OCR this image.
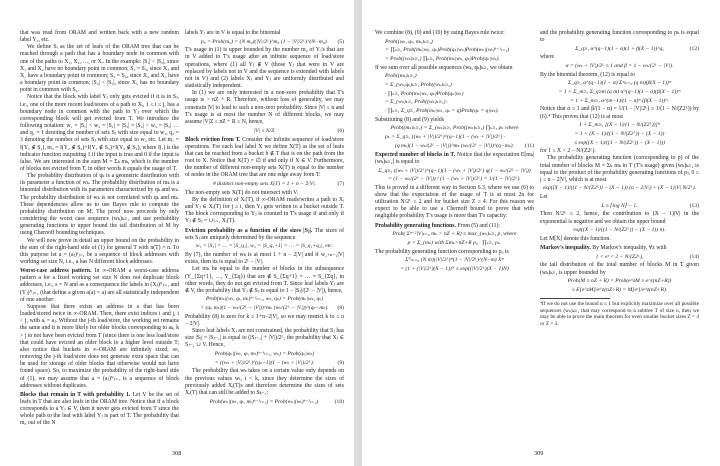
that was read from ORAM and written back with a new random label Y₂, etc.

We define Sᵢ as the set of leafs of the ORAM tree that can be reached through a path that has a boundary node in common with one of the paths to X₁, X₂, …, or Xᵢ. In the example: |S₁| < |S₂|, since X₁ and X₂ have no boundary point in common; S₂ = S₃, since X₃ and X₁ have a boundary point in common; S₃ = S₄, since X₄ and X₃ have a boundary point in common; |S₄| < |S₅|, since X₅ has no boundary point in common with S₄.

Notice that the block with label Yⱼ only gets evicted if it is in Sⱼ, i.e., one of the more recent load/stores of a path to Xᵢ, 1 ≤ i ≤ j, has a boundary node in common with the path to Yⱼ over which the corresponding block will get evicted from T. We introduce the following notation: w₁ = |S₁| < w₂ = |S₂| = |S₃| = |S₄| < w₃ = |S₅| … and q₁ = 1 denoting the number of sets Sⱼ with size equal to w₁, q₂ = 3 denoting the number of sets Sⱼ with size equal to w₂ etc. Let m₁ = I(Y₁ ∉ S₁), m₂ = I(Y₂ ∉ S₂)+I(Y₃ ∉ S₃)+I(Y₄ ∉ S₄), where I(.) is the indicator function outputting 1 if the input is true and 0 if the input is false. We are interested in the sum M = Σₖ mₖ, which is the number of blocks not evicted from T, in other words it equals the usage of T.

The probability distribution of qₖ is a geometric distribution with its parameter a function of wₖ. The probability distribution of mₖ is a binomial distribution with its parameters characterized by qₖ and wₖ. The probability distribution of wₖ is not correlated with qₖ and mₖ. These dependencies allow us to use Bayes rule to compute the probability distribution on M. The proof now proceeds by only considering the worst case sequence (wₖ)ₖ≥₁ and use probability generating functions to upper bound the tail distribution of M by using Chernoff bounding techniques.

We will now prove in detail an upper bound on the probability in the sum of the right-hand side of (1) for general T with n(T) = n. To this purpose let a = (aⱼ)ˢⱼ₌₁ be a sequence of block addresses with working set size N, i.e., a has N different block addresses.

Worst-case address pattern. In ∞-ORAM a worst-case address pattern a for a fixed working set size N does not duplicate block addresses, i.e., s = N and as a consequence the labels in (Xⱼ)ᴺⱼ₌₁ and (Yⱼ)ᴺⱼ₌₁ (that define a given a(a) = a) are all statistically independent of one another:

Suppose that there exists an address in a that has been loaded/stored twice in ∞-ORAM. Then, there exist indices i and j, i < j, with aᵢ = aⱼ. Without the j-th load/store, the working set remains the same and it is more likely for older blocks corresponding to aₖ, k > j to not have been evicted from T (since there is one less load/store that could have evicted an older block to a higher level outside T; also notice that buckets in ∞-ORAM are infinitely sized, so, removing the j-th load/store does not generate extra space that can be used for storage of older blocks that otherwise would not have found space). So, to maximize the probability of the right-hand side of (1), we may assume that a = (aⱼ)ᴺⱼ₌₁ is a sequence of block addresses without duplicates.

Blocks that remain in T with probability 1. Let V be the set of leafs in T that are also leafs in the ORAM tree. Notice that if a block corresponds to a Yⱼ ∈ V, then it never gets evicted from T since the whole path to the leaf with label Yⱼ is part of T. The probability that m₀ out of the N

labels Yⱼ are in V is equal to the binomial

p₀ = Prob(m₀) = (N m₀)(|V|/2ᴸ)^m₀ (1 − |V|/2ᴸ)^(N−m₀). (5)

T's usage in (1) is upper bounded by the number m₀ of Yⱼ's that are in V added to T's usage after an infinite sequence of load/store operations, where (1) all Yⱼ ∉ V (those Yⱼ that were in V are replaced by labels not in V and the sequence is extended with labels not in V) and (2) labels Xⱼ and Yⱼ are uniformly distributed and statistically independent.

In (1) we are only interested in a non-zero probability that T's usage is > nZ + R. Therefore, without loss of generality, we may constrain |V| to lead to such a non-zero probability. Since |V| ≤ n and T's usage is at most the number N of different blocks, we may assume |V|Z ≤ nZ + R ≤ N, hence,

|V| ≤ N/Z.	(6)

Block eviction from T. Consider the infinite sequence of load/store operations. For each leaf label X we define X(T) as the set of leafs that can be reached from a bucket b ∉ T that is on the path from the root to X. Notice that X(T) = ∅ if and only if X ∈ V. Furthermore, the number of different non-empty sets X(T) is equal to the number of nodes in the ORAM tree that are one edge away from T:

# distinct non-empty sets X(T) = 1 + n − 2|V|.	(7)

The non-empty sets X(T) do not intersect with V.

By the definition of Xᵢ(T), if ∞-ORAM reads/writes a path to Xᵢ and Yⱼ ∈ Xᵢ(T) for j ≥ i, then Yⱼ gets written to a bucket outside T. The block corresponding to Yⱼ is counted in T's usage if and only if Yⱼ ∉ Sⱼ = ∪ʲᵢ₌₁ Xᵢ(T).

Eviction probability as a function of the sizes |Sⱼ|. The sizes of sets Sⱼ are uniquely determined by the sequence

w₁ = |S₁| = … = |S_q₁|, w₂ = |S_q₁+1| = … = |S_q₁+q₂|, etc.

By (7), the number of wₖ is at most 1 + n − 2|V| and if w₁₊ₙ₋₂|V| exists, then its is equal to 2ᴸ − |V|.

Let mₖ be equal to the number of blocks in the subsequence (Y_{Σq+1}, …, Y_{Σq}) that are ∉ S_{Σq+1} = … = S_{Σq}, in other words, they do not get evicted from T. Since leaf labels Yⱼ are ∉ V, the probability that Yⱼ ∉ Sⱼ is equal to 1 − |Sⱼ|/(2ᴸ − |V|), hence,

Prob(mₖ|(wₜ, qₜ, mₜ)ᵏ⁻¹ₜ₌₁, wₖ, qₖ) = Prob(mₖ|wₖ, qₖ)
= (qₖ mₖ)(1 − wₖ/(2ᴸ − |V|))^mₖ (wₖ/(2ᴸ − |V|))^(qₖ−mₖ). (8)

Probability (8) is zero for k ≥ 1+n−2|V|, so we may restrict k to ≤ n − 2|V|.

Since leaf labels Xⱼ are not constrained, the probability that Sⱼ has size |Sⱼ| = |Sⱼ₋₁| is equal to (|Sⱼ₋₁| + |V|)/2ᴸ, the probability that Xⱼ ∈ Sⱼ₋₁ ∪ V. Hence,

Prob(qₖ|(wₜ, qₜ, mₜ)ᵏ⁻¹ₜ₌₁, wₖ) = Prob(qₖ|wₖ)
= ((wₖ + |V|)/2ᴸ)^(qₖ−1)(1 − (wₖ + |V|)/2ᴸ).	(9)

The probability that wₖ takes on a certain value only depends on the previous values wₜ, t < k, since they determine the sizes of previously added Xᵢ(T)s and therefore determine the sizes of sets Xᵢ(T) that can still be added to Sₖ₋₁:

Prob(wₖ|(wₜ, qₜ, mₜ)ᵏ⁻¹ₜ₌₁) = Prob(wₖ|(wₜ)ᵏ⁻¹ₜ₌₁).	(10)
308

We combine (8), (9) and (10) by using Bayes rule twice:

Prob((wₖ, qₖ, mₖ)ₖ≥₁)
= ∏ₖ≥₁ Prob(mₖ|wₖ, qₖ)Prob(qₖ|wₖ)Prob(wₖ|(wₜ)ᵏ⁻¹ₜ₌₁)
= Prob((wₖ)ₖ≥₁) ∏ₖ≥₁ Prob(mₖ|wₖ, qₖ)Prob(qₖ|wₖ).

If we sum over all possible sequences (wₖ, qₖ)ₖ≥₁ we obtain

Prob((mₖ)ₖ≥₁)
= Σ_(wₖ,qₖ)ₖ≥₁ Prob((wₖ)ₖ≥₁) ·
· ∏ₖ≥₁ Prob(mₖ|wₖ, qₖ)Prob(qₖ|wₖ)
= Σ_(wₖ)ₖ≥₁ Prob((wₖ)ₖ≥₁) ·
· ∏ₖ≥₁ Σ_q≥₁ Prob(mₖ|wₖ, qₖ = q)Prob(qₖ = q|wₖ).

Substituting (8) and (9) yields

Prob((mₖ)ₖ≥₁) = Σ_(wₖ)ₖ≥₁ Prob((wₖ)ₖ≥₁) ∏ₖ≥₁ pₖ where
pₖ = Σ_q≥₁ ((wₖ + |V|)/2ᴸ)^(q−1)(1 − (wₖ + |V|)/2ᴸ) ·
(q mₖ)(1 − wₖ/(2ᴸ − |V|))^mₖ (wₖ/(2ᴸ − |V|))^(q−mₖ). (11)

Expected number of blocks in T. Notice that the expectation E[mₖ|(wₖ)ₖ≥₁] is equal to

Σ_q≥₁ ((wₖ + |V|)/2ᴸ)^(q−1)(1 − (wₖ + |V|)/2ᴸ) q(1 − wₖ/(2ᴸ − |V|))
= (1 − wₖ/(2ᴸ − |V|)) / (1 − (wₖ + |V|)/2ᴸ) = 1/(1 − |V|/2ᴸ).

This is proved in a different way in Section 6.3, where we use (6) to show that the expectation of the usage of T is at most 2n for utilization N/2ᴸ ≤ 2 and for bucket size Z ≥ 4. For this reason we expect to be able to use a Chernoff bound to prove that with negligible probability T's usage is more than T's capacity:

Probability generating functions. From (5) and (11):

Prob( Σⁿ⁻²|V|ₖ₌₀ mₖ > nZ + R) ≤ max_(wₖ)ₖ≥₁ p, where
p = Σ_(mₖ) with Σmₖ>nZ+R p₀ · ∏ₖ≥₁ pₖ.

The probability generating function corresponding to p₀ is

Σᴺₘ₌₀ (N m)(|V|/2ᴸ)ᵐ(1 − |V|/2ᴸ)^(N−m) Xᵐ
= (1 + (|V|/2ᴸ)(X − 1))ᴺ ≤ exp((|V|/2ᴸ)(X − 1)N)

and the probability generating function corresponding to pₖ is equal to

Σ_q≥₁ α^(q−1)(1 − α)(1 + β(X − 1))^q,	(12)

where

α = (wₖ + |V|)/2ᴸ ≤ 1 and β = 1 − wₖ/(2ᴸ − |V|).

By the binomial theorem, (12) is equal to

Σ_q≥₁ α^(q−1)(1 − α) Σᵠₘ₌₀ (q m)(β(X − 1))ᵐ
= 1 + Σ_m≥₁ Σ_q≥m (q m) α^(q−1)(1 − α)(β(X − 1))ᵐ
= 1 + Σ_m≥₁ α^(m−1)/(1 − α)ᵐ (β(X − 1))ᵐ.

Notice that α ≤ 1 and β/(1 − α) = 1/(1 − |V|/2ᴸ) ≤ 1/(1 − N/(Z2ᴸ)) by (6).⁴ This proves that (12) is at most

1 + Σ_m≥₁ [(X − 1)/(1 − N/(Z2ᴸ))]ᵐ
= 1 + (X − 1)/((1 − N/(Z2ᴸ)) − (X − 1))
≤ exp((X − 1)/((1 − N/(Z2ᴸ)) − (X − 1)))

for 1 ≤ X < 2 − N/(Z2ᴸ).

The probability generating function (corresponding to p) of the total number of blocks M = Σₖ mₖ in T (T's usage) given (wₖ)ₖ≥₁ is equal to the product of the probability generating functions of pⱼ, 0 ≤ j ≤ n − 2|V|, which is at most

exp((X − 1)/((1 − N/(Z2ᴸ)) − (X − 1)) (n − 2|V|) + (X − 1)|V| N/2ᴸ).

Let

L ≥ ⌈log N⌉ − 1.	(13)

Then N/2ᴸ ≤ 2, hence, the contribution to (X − 1)|V| in the exponential is negative and we obtain the upper bound

exp((X − 1)/((1 − N/(Z2ᴸ)) − (X − 1)) n).

Let M[X] denote this function.

Markov's inequality. By Markov's inequality, ∀z with

1 < eᶻ < 2 − N/(Z2ᴸ),	(14)

the tail distribution of the total number of blocks M in T given (wₖ)ₖ≥₁ is upper bounded by

Prob(M ≥ nZ + R) = Prob(e^zM ≥ e^z(nZ+R))
≤ E[e^zM]/e^z(nZ+R) = M[eᶻ]/e^z(nZ+R).

⁴If we do not use the bound α ≤ 1 but explicitly maximize over all possible sequences (wₖ)ₖ≥₁ that may correspond to a subtree T of size n, then we may be able to prove the main theorem for even smaller bucket sizes Z = 4 or Z = 3.

309
